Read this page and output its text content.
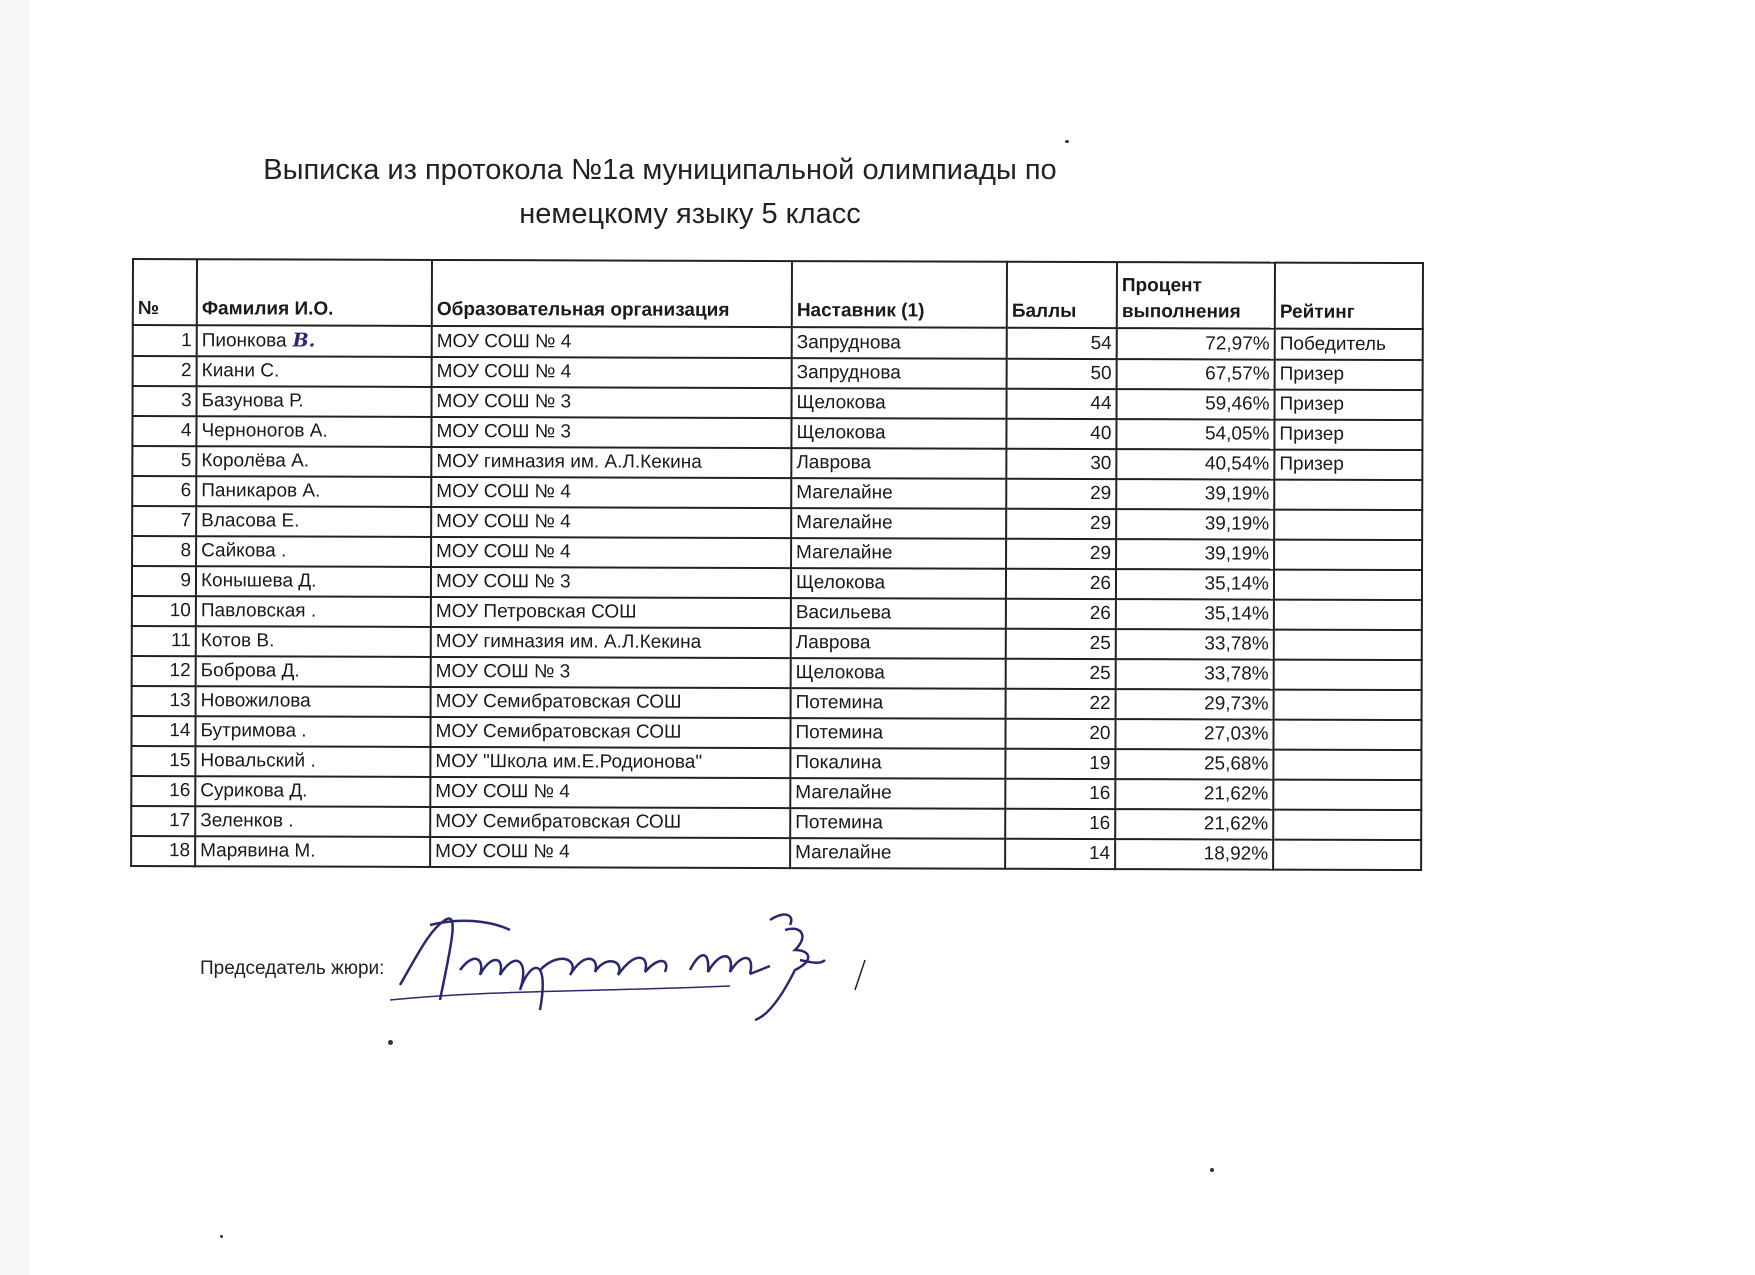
Выписка из протокола №1а муниципальной олимпиады по
немецкому языку 5 класс
№	Фамилия И.О.	Образовательная организация	Наставник (1)	Баллы	Процент
выполнения	Рейтинг
1	Пионкова В.	МОУ СОШ № 4	Запруднова	54	72,97%	Победитель
2	Киани С.	МОУ СОШ № 4	Запруднова	50	67,57%	Призер
3	Базунова Р.	МОУ СОШ № 3	Щелокова	44	59,46%	Призер
4	Черноногов А.	МОУ СОШ № 3	Щелокова	40	54,05%	Призер
5	Королёва А.	МОУ гимназия им. А.Л.Кекина	Лаврова	30	40,54%	Призер
6	Паникаров А.	МОУ СОШ № 4	Магелайне	29	39,19%	
7	Власова Е.	МОУ СОШ № 4	Магелайне	29	39,19%	
8	Сайкова .	МОУ СОШ № 4	Магелайне	29	39,19%	
9	Конышева Д.	МОУ СОШ № 3	Щелокова	26	35,14%	
10	Павловская .	МОУ Петровская СОШ	Васильева	26	35,14%	
11	Котов В.	МОУ гимназия им. А.Л.Кекина	Лаврова	25	33,78%	
12	Боброва Д.	МОУ СОШ № 3	Щелокова	25	33,78%	
13	Новожилова	МОУ Семибратовская СОШ	Потемина	22	29,73%	
14	Бутримова .	МОУ Семибратовская СОШ	Потемина	20	27,03%	
15	Новальский .	МОУ "Школа им.Е.Родионова"	Покалина	19	25,68%	
16	Сурикова Д.	МОУ СОШ № 4	Магелайне	16	21,62%	
17	Зеленков .	МОУ Семибратовская СОШ	Потемина	16	21,62%	
18	Марявина М.	МОУ СОШ № 4	Магелайне	14	18,92%	
Председатель жюри:
